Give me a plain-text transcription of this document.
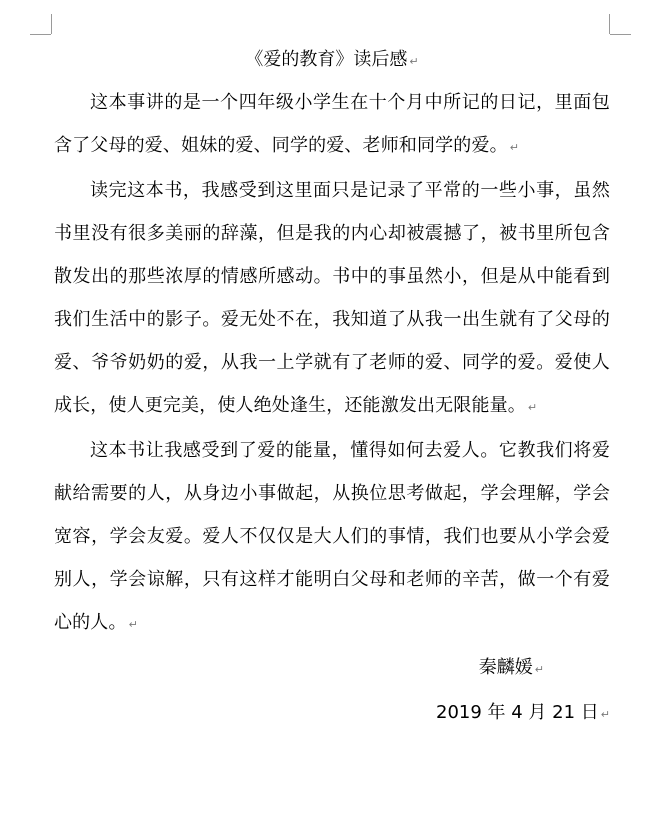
《爱的教育》读后感 ↵

这本事讲的是一个四年级小学生在十个月中所记的日记，里面包含了父母的爱、姐妹的爱、同学的爱、老师和同学的爱。 ↵

读完这本书，我感受到这里面只是记录了平常的一些小事，虽然书里没有很多美丽的辞藻，但是我的内心却被震撼了，被书里所包含散发出的那些浓厚的情感所感动。书中的事虽然小，但是从中能看到我们生活中的影子。爱无处不在，我知道了从我一出生就有了父母的爱、爷爷奶奶的爱，从我一上学就有了老师的爱、同学的爱。爱使人成长，使人更完美，使人绝处逢生，还能激发出无限能量。 ↵

这本书让我感受到了爱的能量，懂得如何去爱人。它教我们将爱献给需要的人，从身边小事做起，从换位思考做起，学会理解，学会宽容，学会友爱。爱人不仅仅是大人们的事情，我们也要从小学会爱别人，学会谅解，只有这样才能明白父母和老师的辛苦，做一个有爱心的人。 ↵

秦麟媛 ↵

2019 年 4 月 21 日 ↵
